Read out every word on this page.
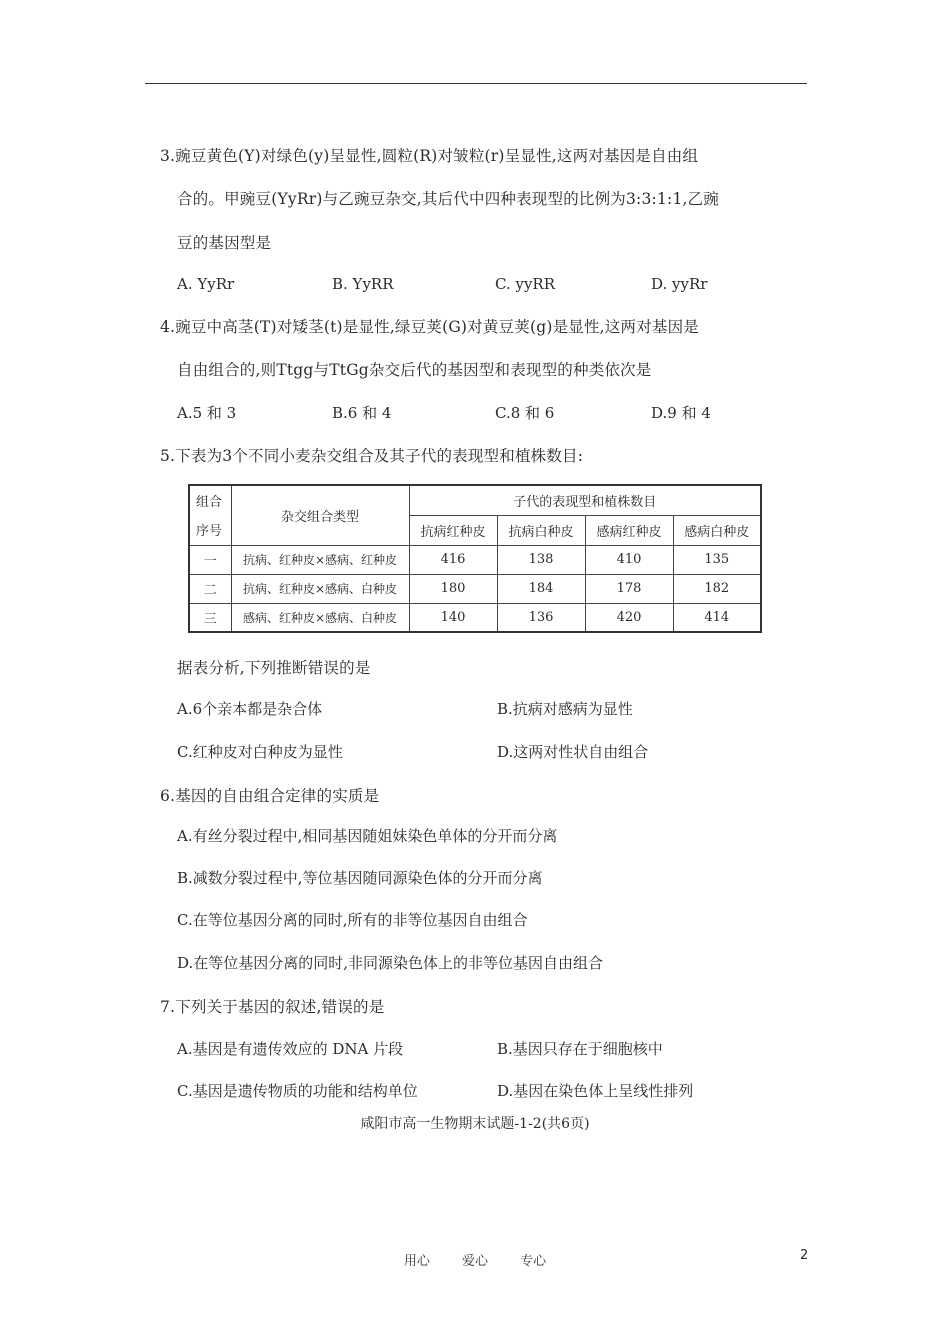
3.豌豆黄色(Y)对绿色(y)呈显性,圆粒(R)对皱粒(r)呈显性,这两对基因是自由组
合的。甲豌豆(YyRr)与乙豌豆杂交,其后代中四种表现型的比例为3:3:1:1,乙豌
豆的基因型是
A. YyRr	B. YyRR	C. yyRR	D. yyRr
4.豌豆中高茎(T)对矮茎(t)是显性,绿豆荚(G)对黄豆荚(g)是显性,这两对基因是
自由组合的,则Ttgg与TtGg杂交后代的基因型和表现型的种类依次是
A.5 和 3	B.6 和 4	C.8 和 6	D.9 和 4
5.下表为3个不同小麦杂交组合及其子代的表现型和植株数目:
组合	杂交组合类型	子代的表现型和植株数目			
序号		抗病红种皮	抗病白种皮	感病红种皮	感病白种皮
一	抗病、红种皮×感病、红种皮	416	138	410	135
二	抗病、红种皮×感病、白种皮	180	184	178	182
三	感病、红种皮×感病、白种皮	140	136	420	414
据表分析,下列推断错误的是
A.6个亲本都是杂合体	B.抗病对感病为显性
C.红种皮对白种皮为显性	D.这两对性状自由组合
6.基因的自由组合定律的实质是
A.有丝分裂过程中,相同基因随姐妹染色单体的分开而分离
B.减数分裂过程中,等位基因随同源染色体的分开而分离
C.在等位基因分离的同时,所有的非等位基因自由组合
D.在等位基因分离的同时,非同源染色体上的非等位基因自由组合
7.下列关于基因的叙述,错误的是
A.基因是有遗传效应的 DNA 片段	B.基因只存在于细胞核中
C.基因是遗传物质的功能和结构单位	D.基因在染色体上呈线性排列
咸阳市高一生物期末试题-1-2(共6页)
用心 爱心 专心	2
